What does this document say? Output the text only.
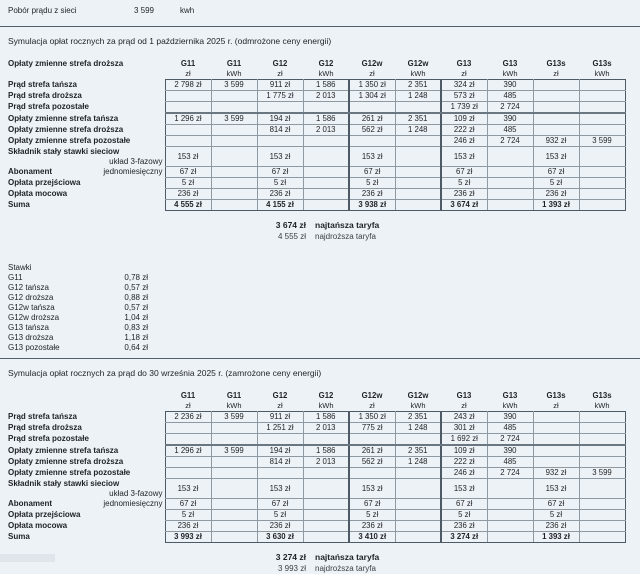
Pobór prądu z sieci	3 599	kwh
Symulacja opłat rocznych za prąd od 1 października 2025 r. (odmrożone ceny energii)
Opłaty zmienne strefa droższa	G11	G11	G12	G12	G12w	G12w	G13	G13	G13s	G13s
	zł	kWh	zł	kWh	zł	kWh	zł	kWh	zł	kWh
Prąd strefa tańsza	2 798 zł	3 599	911 zł	1 586	1 350 zł	2 351	324 zł	390		
Prąd strefa droższa			1 775 zł	2 013	1 304 zł	1 248	573 zł	485		
Prąd strefa pozostałe							1 739 zł	2 724		
Opłaty zmienne strefa tańsza	1 296 zł	3 599	194 zł	1 586	261 zł	2 351	109 zł	390		
Opłaty zmienne strefa droższa			814 zł	2 013	562 zł	1 248	222 zł	485		
Opłaty zmienne strefa pozostałe							246 zł	2 724	932 zł	3 599
Składnik stały stawki sieciow
układ 3-fazowy	153 zł		153 zł		153 zł		153 zł		153 zł	
Abonament jednomiesięczny	67 zł		67 zł		67 zł		67 zł		67 zł	
Opłata przejściowa	5 zł		5 zł		5 zł		5 zł		5 zł	
Opłata mocowa	236 zł		236 zł		236 zł		236 zł		236 zł	
Suma	4 555 zł		4 155 zł		3 938 zł		3 674 zł		1 393 zł	
3 674 zł najtańsza taryfa
4 555 zł najdroższa taryfa
Stawki
G11	0,78 zł
G12 tańsza	0,57 zł
G12 droższa	0,88 zł
G12w tańsza	0,57 zł
G12w droższa	1,04 zł
G13 tańsza	0,83 zł
G13 droższa	1,18 zł
G13 pozostałe	0,64 zł
Symulacja opłat rocznych za prąd do 30 września 2025 r. (zamrożone ceny energii)
	G11	G11	G12	G12	G12w	G12w	G13	G13	G13s	G13s
	zł	kWh	zł	kWh	zł	kWh	zł	kWh	zł	kWh
Prąd strefa tańsza	2 236 zł	3 599	911 zł	1 586	1 350 zł	2 351	243 zł	390		
Prąd strefa droższa			1 251 zł	2 013	775 zł	1 248	301 zł	485		
Prąd strefa pozostałe							1 692 zł	2 724		
Opłaty zmienne strefa tańsza	1 296 zł	3 599	194 zł	1 586	261 zł	2 351	109 zł	390		
Opłaty zmienne strefa droższa			814 zł	2 013	562 zł	1 248	222 zł	485		
Opłaty zmienne strefa pozostałe							246 zł	2 724	932 zł	3 599
Składnik stały stawki sieciow
układ 3-fazowy	153 zł		153 zł		153 zł		153 zł		153 zł	
Abonament jednomiesięczny	67 zł		67 zł		67 zł		67 zł		67 zł	
Opłata przejściowa	5 zł		5 zł		5 zł		5 zł		5 zł	
Opłata mocowa	236 zł		236 zł		236 zł		236 zł		236 zł	
Suma	3 993 zł		3 630 zł		3 410 zł		3 274 zł		1 393 zł	
3 274 zł najtańsza taryfa
3 993 zł najdroższa taryfa
